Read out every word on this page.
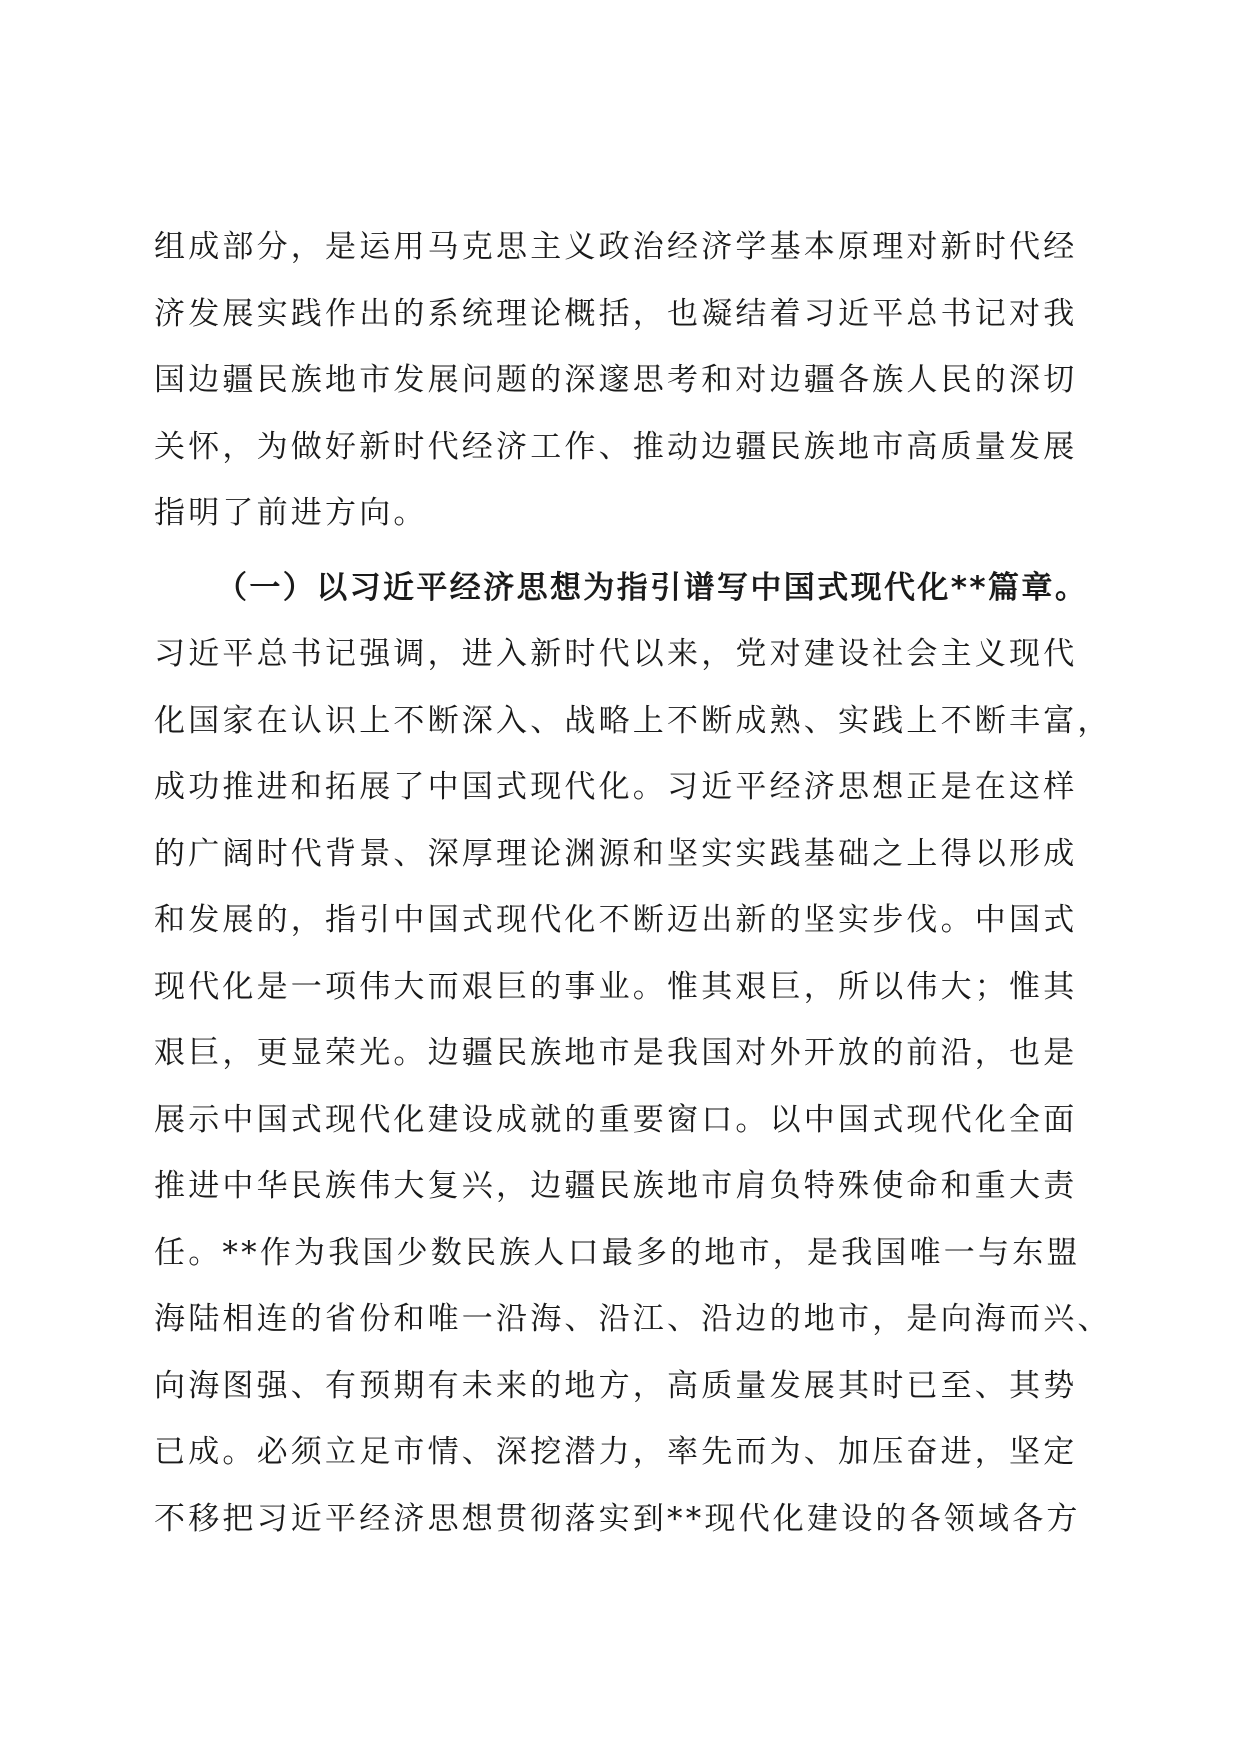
组成部分，是运用马克思主义政治经济学基本原理对新时代经
济发展实践作出的系统理论概括，也凝结着习近平总书记对我
国边疆民族地市发展问题的深邃思考和对边疆各族人民的深切
关怀，为做好新时代经济工作、推动边疆民族地市高质量发展
指明了前进方向。
（一）以习近平经济思想为指引谱写中国式现代化**篇章。
习近平总书记强调，进入新时代以来，党对建设社会主义现代
化国家在认识上不断深入、战略上不断成熟、实践上不断丰富，
成功推进和拓展了中国式现代化。习近平经济思想正是在这样
的广阔时代背景、深厚理论渊源和坚实实践基础之上得以形成
和发展的，指引中国式现代化不断迈出新的坚实步伐。中国式
现代化是一项伟大而艰巨的事业。惟其艰巨，所以伟大；惟其
艰巨，更显荣光。边疆民族地市是我国对外开放的前沿，也是
展示中国式现代化建设成就的重要窗口。以中国式现代化全面
推进中华民族伟大复兴，边疆民族地市肩负特殊使命和重大责
任。**作为我国少数民族人口最多的地市，是我国唯一与东盟
海陆相连的省份和唯一沿海、沿江、沿边的地市，是向海而兴、
向海图强、有预期有未来的地方，高质量发展其时已至、其势
已成。必须立足市情、深挖潜力，率先而为、加压奋进，坚定
不移把习近平经济思想贯彻落实到**现代化建设的各领域各方
